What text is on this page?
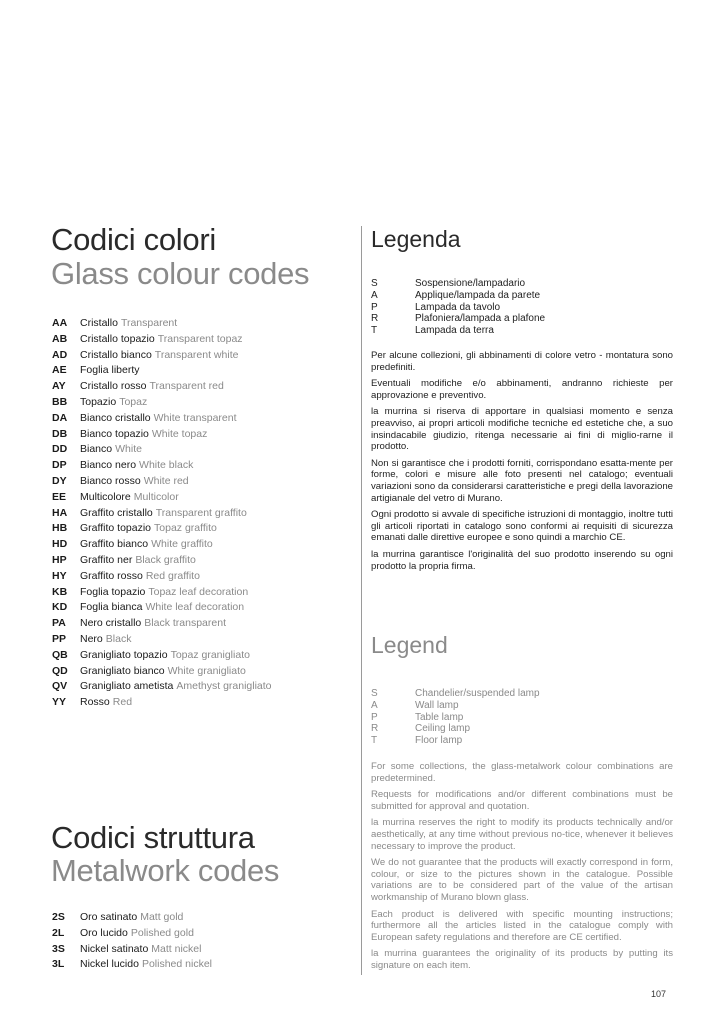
Codici colori
Glass colour codes
AA	Cristallo Transparent
AB	Cristallo topazio Transparent topaz
AD	Cristallo bianco Transparent white
AE	Foglia liberty
AY	Cristallo rosso Transparent red
BB	Topazio Topaz
DA	Bianco cristallo White transparent
DB	Bianco topazio White topaz
DD	Bianco White
DP	Bianco nero White black
DY	Bianco rosso White red
EE	Multicolore Multicolor
HA	Graffito cristallo Transparent graffito
HB	Graffito topazio Topaz graffito
HD	Graffito bianco White graffito
HP	Graffito ner Black graffito
HY	Graffito rosso Red graffito
KB	Foglia topazio Topaz leaf decoration
KD	Foglia bianca White leaf decoration
PA	Nero cristallo Black transparent
PP	Nero Black
QB	Granigliato topazio Topaz granigliato
QD	Granigliato bianco White granigliato
QV	Granigliato ametista Amethyst granigliato
YY	Rosso Red
Codici struttura
Metalwork codes
2S	Oro satinato Matt gold
2L	Oro lucido Polished gold
3S	Nickel satinato Matt nickel
3L	Nickel lucido Polished nickel
Legenda
S	Sospensione/lampadario
A	Applique/lampada da parete
P	Lampada da tavolo
R	Plafoniera/lampada a plafone
T	Lampada da terra

Per alcune collezioni, gli abbinamenti di colore vetro - montatura sono predefiniti.

Eventuali modifiche e/o abbinamenti, andranno richieste per approvazione e preventivo.

la murrina si riserva di apportare in qualsiasi momento e senza preavviso, ai propri articoli modifiche tecniche ed estetiche che, a suo insindacabile giudizio, ritenga necessarie ai fini di miglio-rarne il prodotto.

Non si garantisce che i prodotti forniti, corrispondano esatta-mente per forme, colori e misure alle foto presenti nel catalogo; eventuali variazioni sono da considerarsi caratteristiche e pregi della lavorazione artigianale del vetro di Murano.

Ogni prodotto si avvale di specifiche istruzioni di montaggio, inoltre tutti gli articoli riportati in catalogo sono conformi ai requisiti di sicurezza emanati dalle direttive europee e sono quindi a marchio CE.

la murrina garantisce l'originalità del suo prodotto inserendo su ogni prodotto la propria firma.

Legend
S	Chandelier/suspended lamp
A	Wall lamp
P	Table lamp
R	Ceiling lamp
T	Floor lamp

For some collections, the glass-metalwork colour combinations are predetermined.

Requests for modifications and/or different combinations must be submitted for approval and quotation.

la murrina reserves the right to modify its products technically and/or aesthetically, at any time without previous no-tice, whenever it believes necessary to improve the product.

We do not guarantee that the products will exactly correspond in form, colour, or size to the pictures shown in the catalogue. Possible variations are to be considered part of the value of the artisan workmanship of Murano blown glass.

Each product is delivered with specific mounting instructions; furthermore all the articles listed in the catalogue comply with European safety regulations and therefore are CE certified.

la murrina guarantees the originality of its products by putting its signature on each item.

107
